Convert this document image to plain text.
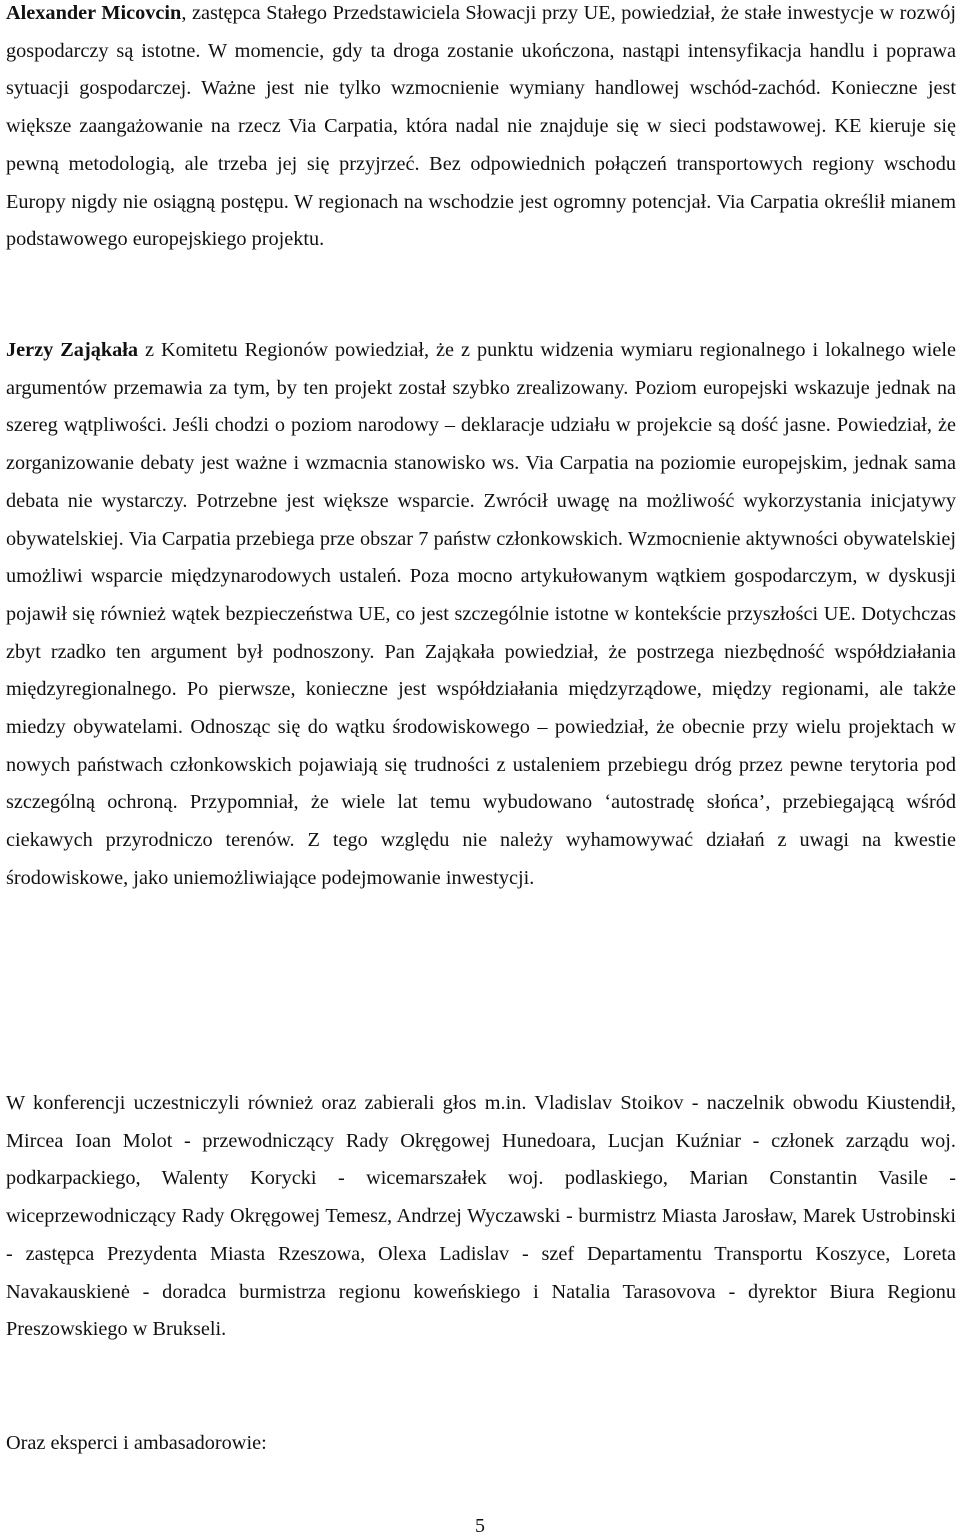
Alexander Micovcin, zastępca Stałego Przedstawiciela Słowacji przy UE, powiedział, że stałe inwestycje w rozwój gospodarczy są istotne. W momencie, gdy ta droga zostanie ukończona, nastąpi intensyfikacja handlu i poprawa sytuacji gospodarczej. Ważne jest nie tylko wzmocnienie wymiany handlowej wschód-zachód. Konieczne jest większe zaangażowanie na rzecz Via Carpatia, która nadal nie znajduje się w sieci podstawowej. KE kieruje się pewną metodologią, ale trzeba jej się przyjrzeć. Bez odpowiednich połączeń transportowych regiony wschodu Europy nigdy nie osiągną postępu. W regionach na wschodzie jest ogromny potencjał. Via Carpatia określił mianem podstawowego europejskiego projektu.

Jerzy Zająkała z Komitetu Regionów powiedział, że z punktu widzenia wymiaru regionalnego i lokalnego wiele argumentów przemawia za tym, by ten projekt został szybko zrealizowany. Poziom europejski wskazuje jednak na szereg wątpliwości. Jeśli chodzi o poziom narodowy – deklaracje udziału w projekcie są dość jasne. Powiedział, że zorganizowanie debaty jest ważne i wzmacnia stanowisko ws. Via Carpatia na poziomie europejskim, jednak sama debata nie wystarczy. Potrzebne jest większe wsparcie. Zwrócił uwagę na możliwość wykorzystania inicjatywy obywatelskiej. Via Carpatia przebiega prze obszar 7 państw członkowskich. Wzmocnienie aktywności obywatelskiej umożliwi wsparcie międzynarodowych ustaleń. Poza mocno artykułowanym wątkiem gospodarczym, w dyskusji pojawił się również wątek bezpieczeństwa UE, co jest szczególnie istotne w kontekście przyszłości UE. Dotychczas zbyt rzadko ten argument był podnoszony. Pan Zająkała powiedział, że postrzega niezbędność współdziałania międzyregionalnego. Po pierwsze, konieczne jest współdziałania międzyrządowe, między regionami, ale także miedzy obywatelami. Odnosząc się do wątku środowiskowego – powiedział, że obecnie przy wielu projektach w nowych państwach członkowskich pojawiają się trudności z ustaleniem przebiegu dróg przez pewne terytoria pod szczególną ochroną. Przypomniał, że wiele lat temu wybudowano ‘autostradę słońca’, przebiegającą wśród ciekawych przyrodniczo terenów. Z tego względu nie należy wyhamowywać działań z uwagi na kwestie środowiskowe, jako uniemożliwiające podejmowanie inwestycji.

W konferencji uczestniczyli również oraz zabierali głos m.in. Vladislav Stoikov - naczelnik obwodu Kiustendił, Mircea Ioan Molot - przewodniczący Rady Okręgowej Hunedoara, Lucjan Kuźniar - członek zarządu woj. podkarpackiego, Walenty Korycki - wicemarszałek woj. podlaskiego, Marian Constantin Vasile - wiceprzewodniczący Rady Okręgowej Temesz, Andrzej Wyczawski - burmistrz Miasta Jarosław, Marek Ustrobinski - zastępca Prezydenta Miasta Rzeszowa, Olexa Ladislav - szef Departamentu Transportu Koszyce, Loreta Navakauskienė - doradca burmistrza regionu koweńskiego i Natalia Tarasovova - dyrektor Biura Regionu Preszowskiego w Brukseli.

Oraz eksperci i ambasadorowie:

5
